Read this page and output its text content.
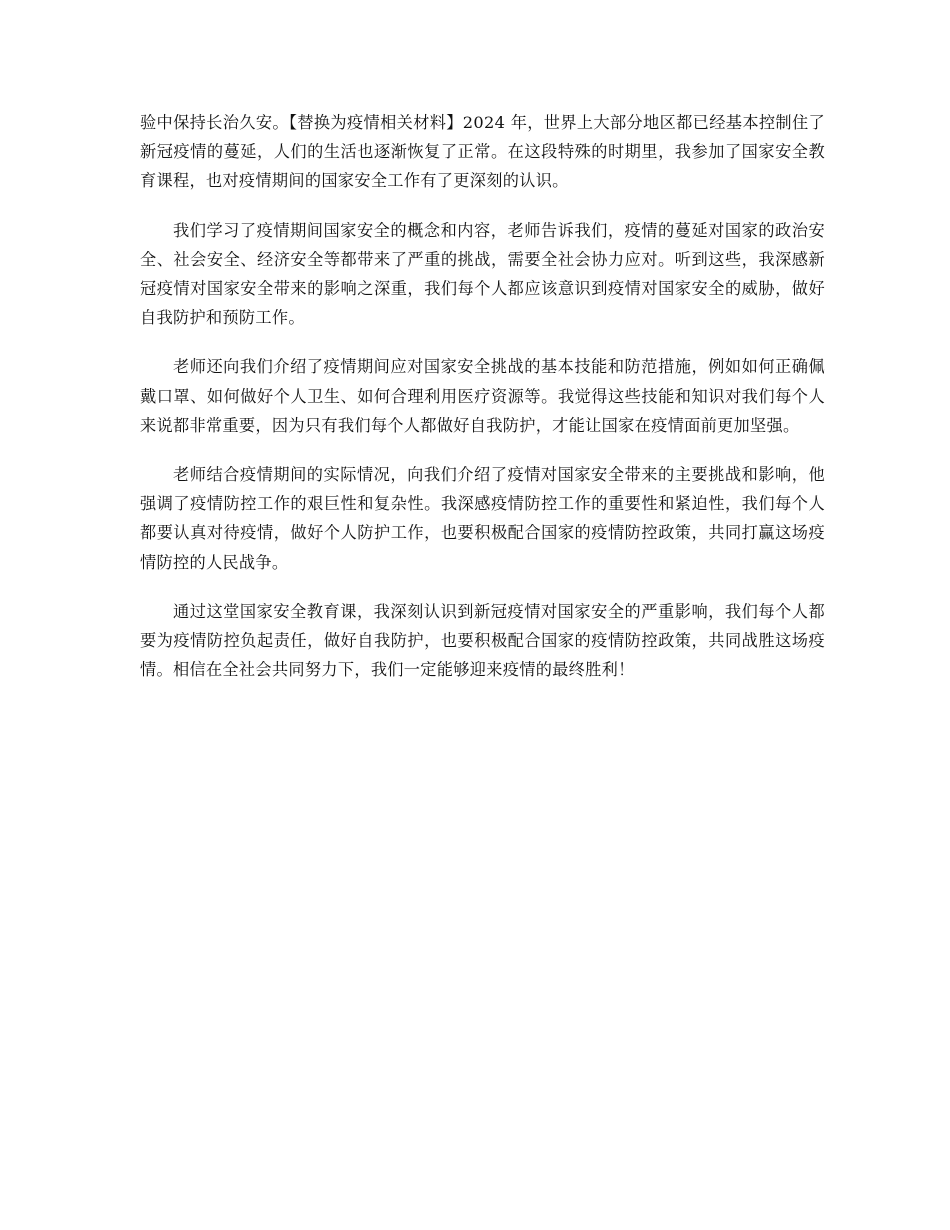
验中保持长治久安。【替换为疫情相关材料】2024 年，世界上大部分地区都已经基本控制住了新冠疫情的蔓延，人们的生活也逐渐恢复了正常。在这段特殊的时期里，我参加了国家安全教育课程，也对疫情期间的国家安全工作有了更深刻的认识。

我们学习了疫情期间国家安全的概念和内容，老师告诉我们，疫情的蔓延对国家的政治安全、社会安全、经济安全等都带来了严重的挑战，需要全社会协力应对。听到这些，我深感新冠疫情对国家安全带来的影响之深重，我们每个人都应该意识到疫情对国家安全的威胁，做好自我防护和预防工作。

老师还向我们介绍了疫情期间应对国家安全挑战的基本技能和防范措施，例如如何正确佩戴口罩、如何做好个人卫生、如何合理利用医疗资源等。我觉得这些技能和知识对我们每个人来说都非常重要，因为只有我们每个人都做好自我防护，才能让国家在疫情面前更加坚强。

老师结合疫情期间的实际情况，向我们介绍了疫情对国家安全带来的主要挑战和影响，他强调了疫情防控工作的艰巨性和复杂性。我深感疫情防控工作的重要性和紧迫性，我们每个人都要认真对待疫情，做好个人防护工作，也要积极配合国家的疫情防控政策，共同打赢这场疫情防控的人民战争。

通过这堂国家安全教育课，我深刻认识到新冠疫情对国家安全的严重影响，我们每个人都要为疫情防控负起责任，做好自我防护，也要积极配合国家的疫情防控政策，共同战胜这场疫情。相信在全社会共同努力下，我们一定能够迎来疫情的最终胜利！
